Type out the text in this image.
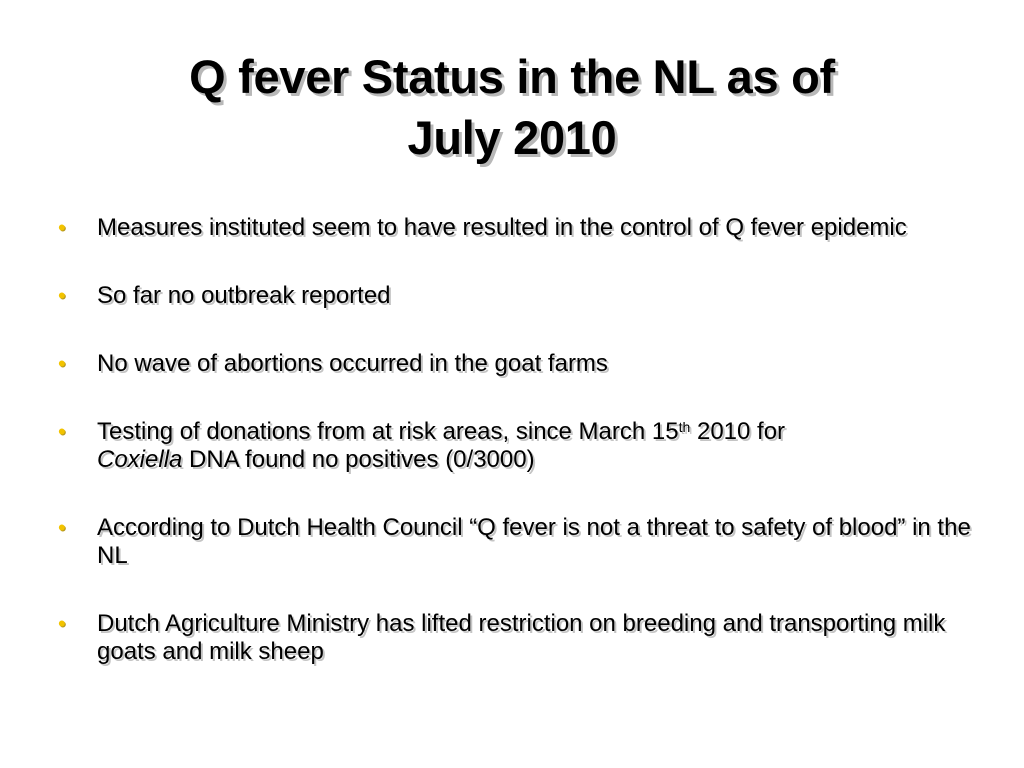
Q fever Status in the NL as of
July 2010
• Measures instituted seem to have resulted in the control of Q fever epidemic
• So far no outbreak reported
• No wave of abortions occurred in the goat farms
• Testing of donations from at risk areas, since March 15th 2010 for
Coxiella DNA found no positives (0/3000)
• According to Dutch Health Council “Q fever is not a threat to safety of blood” in the NL
• Dutch Agriculture Ministry has lifted restriction on breeding and transporting milk goats and milk sheep
